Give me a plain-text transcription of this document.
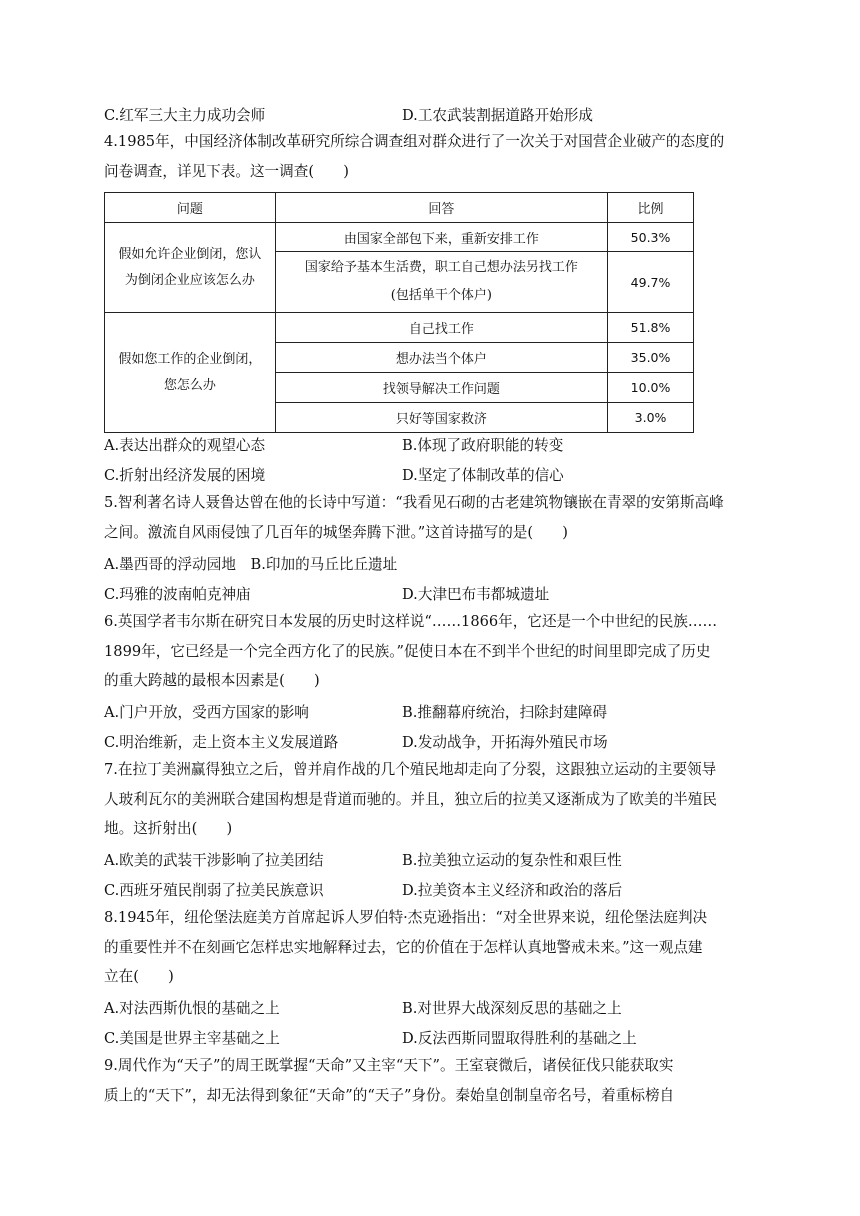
C.红军三大主力成功会师	D.工农武装割据道路开始形成
4.1985年，中国经济体制改革研究所综合调查组对群众进行了一次关于对国营企业破产的态度的
问卷调查，详见下表。这一调查(　　)
问题	回答	比例

假如允许企业倒闭，您认
为倒闭企业应该怎么办	由国家全部包下来，重新安排工作	50.3%

	国家给予基本生活费，职工自己想办法另找工作
(包括单干个体户)	49.7%

假如您工作的企业倒闭，
您怎么办	自己找工作	51.8%
	想办法当个体户	35.0%
	找领导解决工作问题	10.0%
	只好等国家救济	3.0%
A.表达出群众的观望心态	B.体现了政府职能的转变
C.折射出经济发展的困境	D.坚定了体制改革的信心
5.智利著名诗人聂鲁达曾在他的长诗中写道：“我看见石砌的古老建筑物镶嵌在青翠的安第斯高峰
之间。激流自风雨侵蚀了几百年的城堡奔腾下泄。”这首诗描写的是(　　)
A.墨西哥的浮动园地　B.印加的马丘比丘遗址
C.玛雅的波南帕克神庙	D.大津巴布韦都城遗址
6.英国学者韦尔斯在研究日本发展的历史时这样说“……1866年，它还是一个中世纪的民族……
1899年，它已经是一个完全西方化了的民族。”促使日本在不到半个世纪的时间里即完成了历史
的重大跨越的最根本因素是(　　)
A.门户开放，受西方国家的影响	B.推翻幕府统治，扫除封建障碍
C.明治维新，走上资本主义发展道路	D.发动战争，开拓海外殖民市场
7.在拉丁美洲赢得独立之后，曾并肩作战的几个殖民地却走向了分裂，这跟独立运动的主要领导
人玻利瓦尔的美洲联合建国构想是背道而驰的。并且，独立后的拉美又逐渐成为了欧美的半殖民
地。这折射出(　　)
A.欧美的武装干涉影响了拉美团结	B.拉美独立运动的复杂性和艰巨性
C.西班牙殖民削弱了拉美民族意识	D.拉美资本主义经济和政治的落后
8.1945年，纽伦堡法庭美方首席起诉人罗伯特·杰克逊指出：“对全世界来说，纽伦堡法庭判决
的重要性并不在刻画它怎样忠实地解释过去，它的价值在于怎样认真地警戒未来。”这一观点建
立在(　　)
A.对法西斯仇恨的基础之上	B.对世界大战深刻反思的基础之上
C.美国是世界主宰基础之上	D.反法西斯同盟取得胜利的基础之上
9.周代作为“天子”的周王既掌握“天命”又主宰“天下”。王室衰微后，诸侯征伐只能获取实
质上的“天下”，却无法得到象征“天命”的“天子”身份。秦始皇创制皇帝名号，着重标榜自
